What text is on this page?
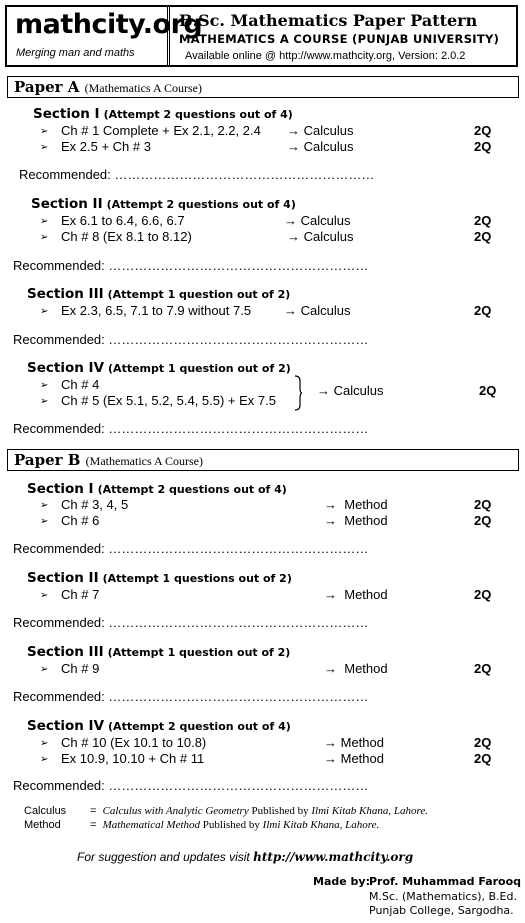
mathcity.org
Merging man and maths
B.Sc. Mathematics Paper Pattern
MATHEMATICS A COURSE (PUNJAB UNIVERSITY)
Available online @ http://www.mathcity.org, Version: 2.0.2
Paper A (Mathematics A Course)
Section I (Attempt 2 questions out of 4)
➢ Ch # 1 Complete + Ex 2.1, 2.2, 2.4 → Calculus	2Q
➢ Ex 2.5 + Ch # 3	→ Calculus	2Q
Recommended: ……………………………………………………
Section II (Attempt 2 questions out of 4)
➢ Ex 6.1 to 6.4, 6.6, 6.7	→ Calculus	2Q
➢ Ch # 8 (Ex 8.1 to 8.12)	→ Calculus	2Q
Recommended: ……………………………………………………
Section III (Attempt 1 question out of 2)
➢ Ex 2.3, 6.5, 7.1 to 7.9 without 7.5	→ Calculus	2Q
Recommended: ……………………………………………………
Section IV (Attempt 1 question out of 2)
➢ Ch # 4
➢ Ch # 5 (Ex 5.1, 5.2, 5.4, 5.5) + Ex 7.5
→ Calculus	2Q
Recommended: ……………………………………………………
Paper B (Mathematics A Course)
Section I (Attempt 2 questions out of 4)
➢ Ch # 3, 4, 5	→ Method	2Q
➢ Ch # 6	→ Method	2Q
Recommended: ……………………………………………………
Section II (Attempt 1 questions out of 2)
➢ Ch # 7	→ Method	2Q
Recommended: ……………………………………………………
Section III (Attempt 1 question out of 2)
➢ Ch # 9	→ Method	2Q
Recommended: ……………………………………………………
Section IV (Attempt 2 question out of 4)
➢ Ch # 10 (Ex 10.1 to 10.8)	→ Method	2Q
➢ Ex 10.9, 10.10 + Ch # 11	→ Method	2Q
Recommended: ……………………………………………………
Calculus = Calculus with Analytic Geometry Published by Ilmi Kitab Khana, Lahore.
Method	= Mathematical Method Published by Ilmi Kitab Khana, Lahore.
For suggestion and updates visit http://www.mathcity.org
Made by: Prof. Muhammad Farooq
M.Sc. (Mathematics), B.Ed.
Punjab College, Sargodha.
